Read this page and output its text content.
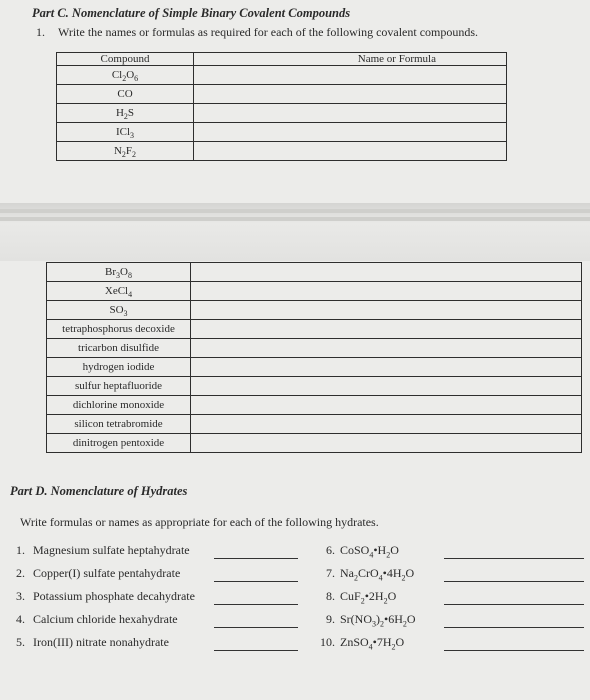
Part C. Nomenclature of Simple Binary Covalent Compounds
1. Write the names or formulas as required for each of the following covalent compounds.
Compound	Name or Formula
$Cl_2O_6$	
CO	
$H_2S$	
ICl$_3$	
$N_2F_2$	
$Br_3O_8$	
XeCl$_4$	
$SO_3$	
tetraphosphorus decoxide	
tricarbon disulfide	
hydrogen iodide	
sulfur heptafluoride	
dichlorine monoxide	
silicon tetrabromide	
dinitrogen pentoxide	
Part D. Nomenclature of Hydrates
Write formulas or names as appropriate for each of the following hydrates.
1. Magnesium sulfate heptahydrate
2. Copper(I) sulfate pentahydrate
3. Potassium phosphate decahydrate
4. Calcium chloride hexahydrate
5. Iron(III) nitrate nonahydrate
6. $CoSO_4•H_2O$
7. $Na_2CrO_4•4H_2O$
8. $CuF_2•2H_2O$
9. $Sr(NO_3)_2•6H_2O$
10. $ZnSO_4•7H_2O$
